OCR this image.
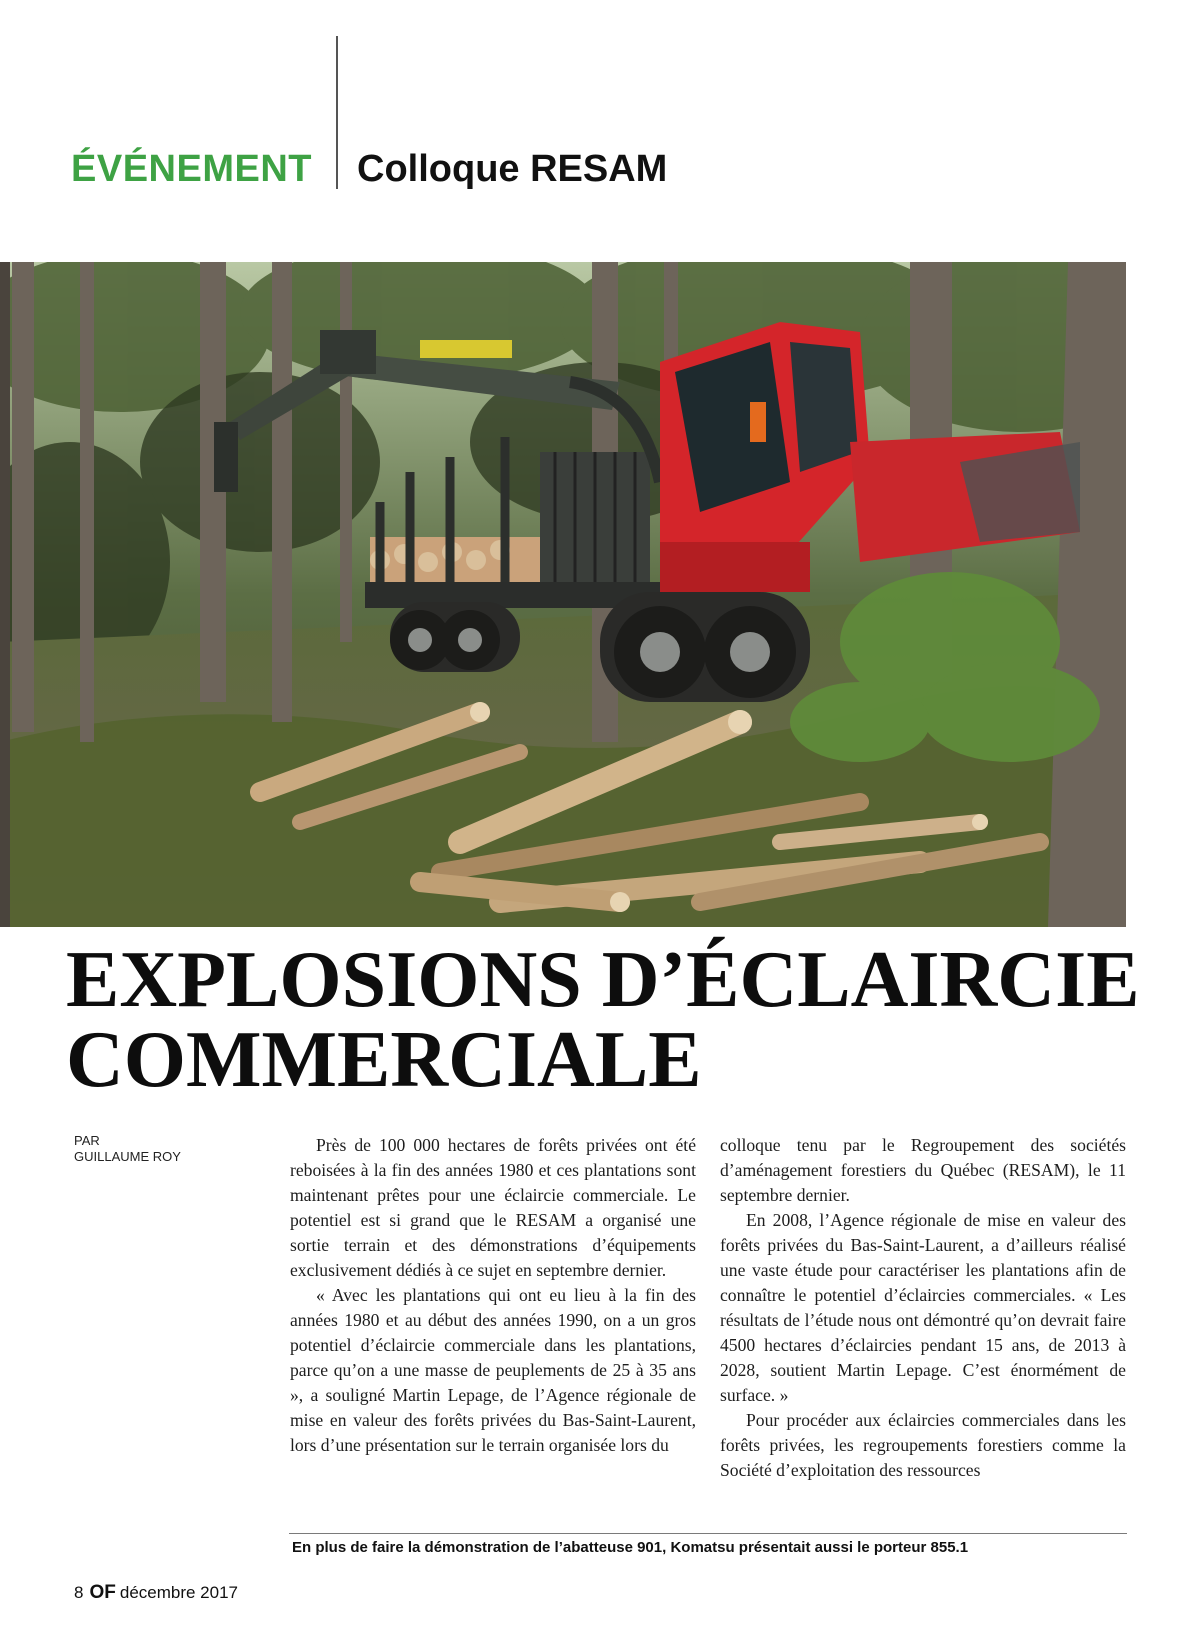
ÉVÉNEMENT Colloque RESAM
EXPLOSIONS D’ÉCLAIRCIE
COMMERCIALE
PAR
GUILLAUME ROY

Près de 100 000 hectares de forêts privées ont été reboisées à la fin des années 1980 et ces plantations sont maintenant prêtes pour une éclaircie commerciale. Le potentiel est si grand que le RESAM a organisé une sortie terrain et des démonstrations d’équipements exclusivement dédiés à ce sujet en septembre dernier.

« Avec les plantations qui ont eu lieu à la fin des années 1980 et au début des années 1990, on a un gros potentiel d’éclaircie commerciale dans les plantations, parce qu’on a une masse de peuplements de 25 à 35 ans », a souligné Martin Lepage, de l’Agence régionale de mise en valeur des forêts privées du Bas-Saint-Laurent, lors d’une présentation sur le terrain organisée lors du

colloque tenu par le Regroupement des sociétés d’aménagement forestiers du Québec (RESAM), le 11 septembre dernier.

En 2008, l’Agence régionale de mise en valeur des forêts privées du Bas-Saint-Laurent, a d’ailleurs réalisé une vaste étude pour caractériser les plantations afin de connaître le potentiel d’éclaircies commerciales. « Les résultats de l’étude nous ont démontré qu’on devrait faire 4500 hectares d’éclaircies pendant 15 ans, de 2013 à 2028, soutient Martin Lepage. C’est énormément de surface. »

Pour procéder aux éclaircies commerciales dans les forêts privées, les regroupements forestiers comme la Société d’exploitation des ressources

En plus de faire la démonstration de l’abatteuse 901, Komatsu présentait aussi le porteur 855.1
8 OF décembre 2017
